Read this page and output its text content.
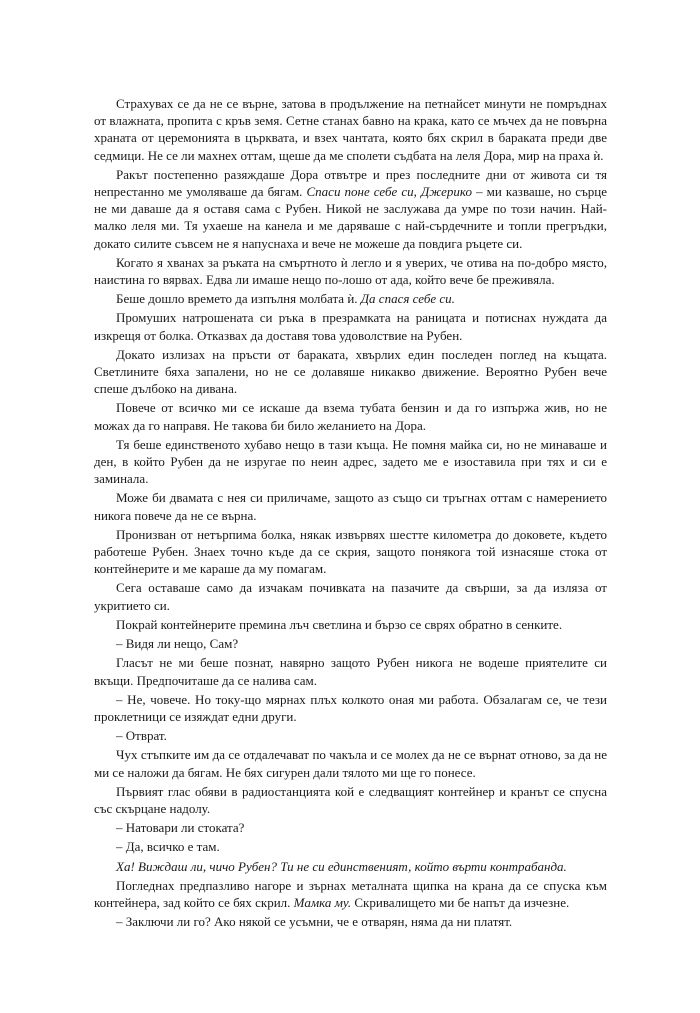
Страхувах се да не се върне, затова в продължение на петнайсет минути не помръднах от влажната, пропита с кръв земя. Сетне станах бавно на крака, като се мъчех да не повърна храната от церемонията в църквата, и взех чантата, която бях скрил в бараката преди две седмици. Не се ли махнех оттам, щеше да ме сполети съдбата на леля Дора, мир на праха ѝ.

Ракът постепенно разяждаше Дора отвътре и през последните дни от живота си тя непрестанно ме умоляваше да бягам. Спаси поне себе си, Джерико – ми казваше, но сърце не ми даваше да я оставя сама с Рубен. Никой не заслужава да умре по този начин. Най-малко леля ми. Тя ухаеше на канела и ме даряваше с най-сърдечните и топли прегръдки, докато силите съвсем не я напуснаха и вече не можеше да повдига ръцете си.

Когато я хванах за ръката на смъртното ѝ легло и я уверих, че отива на по-добро място, наистина го вярвах. Едва ли имаше нещо по-лошо от ада, който вече бе преживяла.

Беше дошло времето да изпълня молбата ѝ. Да спася себе си.

Промуших натрошената си ръка в презрамката на раницата и потиснах нуждата да изкрещя от болка. Отказвах да доставя това удоволствие на Рубен.

Докато излизах на пръсти от бараката, хвърлих един последен поглед на къщата. Светлините бяха запалени, но не се долавяше никакво движение. Вероятно Рубен вече спеше дълбоко на дивана.

Повече от всичко ми се искаше да взема тубата бензин и да го изпържа жив, но не можах да го направя. Не такова би било желанието на Дора.

Тя беше единственото хубаво нещо в тази къща. Не помня майка си, но не минаваше и ден, в който Рубен да не изругае по неин адрес, задето ме е изоставила при тях и си е заминала.

Може би двамата с нея си приличаме, защото аз също си тръгнах оттам с намерението никога повече да не се върна.

Пронизван от нетърпима болка, някак извървях шестте километра до доковете, където работеше Рубен. Знаех точно къде да се скрия, защото понякога той изнасяше стока от контейнерите и ме караше да му помагам.

Сега оставаше само да изчакам почивката на пазачите да свърши, за да изляза от укритието си.

Покрай контейнерите премина лъч светлина и бързо се сврях обратно в сенките.

– Видя ли нещо, Сам?

Гласът не ми беше познат, навярно защото Рубен никога не водеше приятелите си вкъщи. Предпочиташе да се налива сам.

– Не, човече. Но току-що мярнах плъх колкото оная ми работа. Обзалагам се, че тези проклетници се изяждат едни други.

– Отврат.

Чух стъпките им да се отдалечават по чакъла и се молех да не се върнат отново, за да не ми се наложи да бягам. Не бях сигурен дали тялото ми ще го понесе.

Първият глас обяви в радиостанцията кой е следващият контейнер и кранът се спусна със скърцане надолу.

– Натовари ли стоката?

– Да, всичко е там.

Ха! Виждаш ли, чичо Рубен? Ти не си единственият, който върти контрабанда.

Погледнах предпазливо нагоре и зърнах металната щипка на крана да се спуска към контейнера, зад който се бях скрил. Мамка му. Скривалището ми бе напът да изчезне.

– Заключи ли го? Ако някой се усъмни, че е отварян, няма да ни платят.
